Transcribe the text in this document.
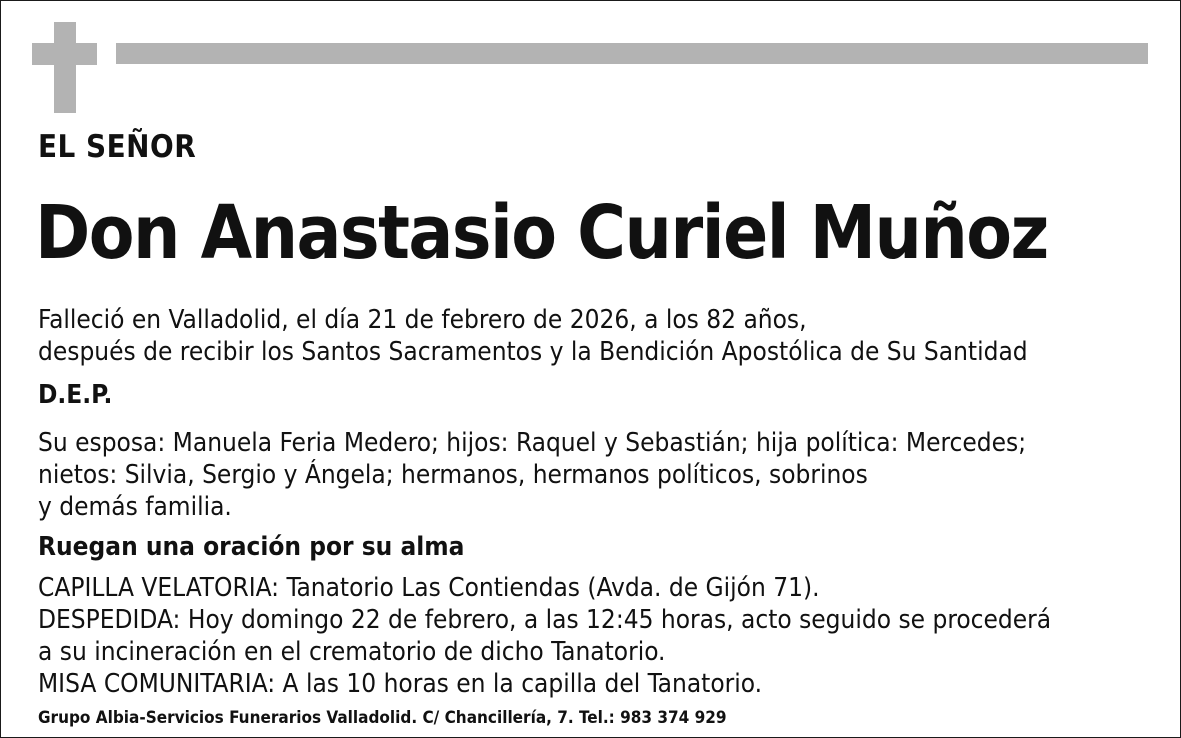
EL SEÑOR
Don Anastasio Curiel Muñoz
Falleció en Valladolid, el día 21 de febrero de 2026, a los 82 años,
después de recibir los Santos Sacramentos y la Bendición Apostólica de Su Santidad
D.E.P.
Su esposa: Manuela Feria Medero; hijos: Raquel y Sebastián; hija política: Mercedes;
nietos: Silvia, Sergio y Ángela; hermanos, hermanos políticos, sobrinos
y demás familia.
Ruegan una oración por su alma
CAPILLA VELATORIA: Tanatorio Las Contiendas (Avda. de Gijón 71).
DESPEDIDA: Hoy domingo 22 de febrero, a las 12:45 horas, acto seguido se procederá
a su incineración en el crematorio de dicho Tanatorio.
MISA COMUNITARIA: A las 10 horas en la capilla del Tanatorio.
Grupo Albia-Servicios Funerarios Valladolid. C/ Chancillería, 7. Tel.: 983 374 929
